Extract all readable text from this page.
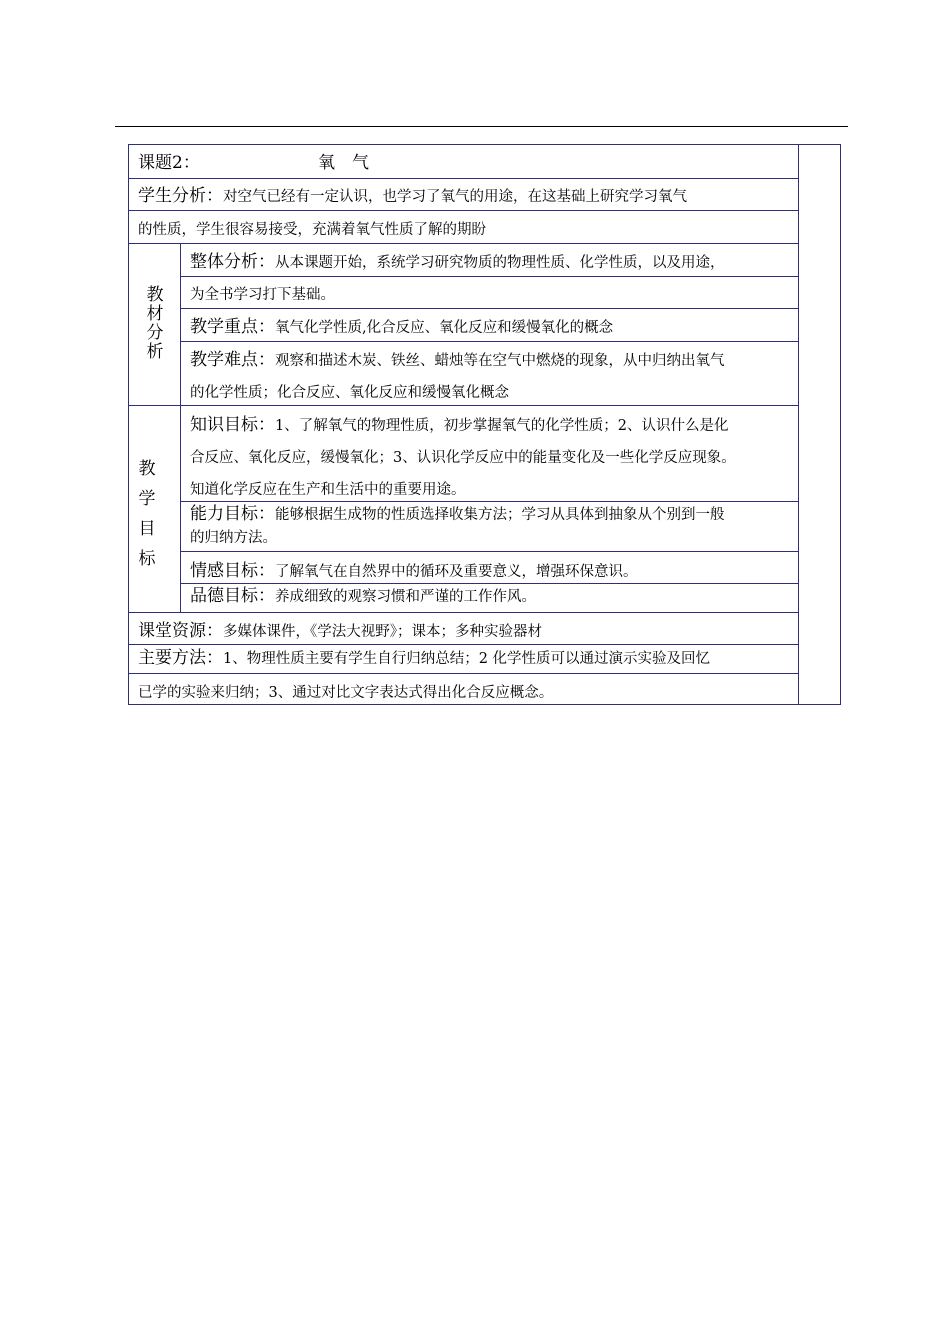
课题2：	氧　气
学生分析：对空气已经有一定认识，也学习了氧气的用途，在这基础上研究学习氧气
的性质，学生很容易接受，充满着氧气性质了解的期盼
教
材
分
析
整体分析：从本课题开始，系统学习研究物质的物理性质、化学性质，以及用途，
为全书学习打下基础。
教学重点：氧气化学性质,化合反应、氧化反应和缓慢氧化的概念
教学难点：观察和描述木炭、铁丝、蜡烛等在空气中燃烧的现象，从中归纳出氧气
的化学性质；化合反应、氧化反应和缓慢氧化概念
教
学
目
标
知识目标：1、了解氧气的物理性质，初步掌握氧气的化学性质；2、认识什么是化
合反应、氧化反应，缓慢氧化；3、认识化学反应中的能量变化及一些化学反应现象。
知道化学反应在生产和生活中的重要用途。
能力目标：能够根据生成物的性质选择收集方法；学习从具体到抽象从个别到一般
的归纳方法。
情感目标：了解氧气在自然界中的循环及重要意义，增强环保意识。
品德目标：养成细致的观察习惯和严谨的工作作风。
课堂资源：多媒体课件，《学法大视野》；课本；多种实验器材
主要方法：1、物理性质主要有学生自行归纳总结；2 化学性质可以通过演示实验及回忆
已学的实验来归纳；3、通过对比文字表达式得出化合反应概念。
